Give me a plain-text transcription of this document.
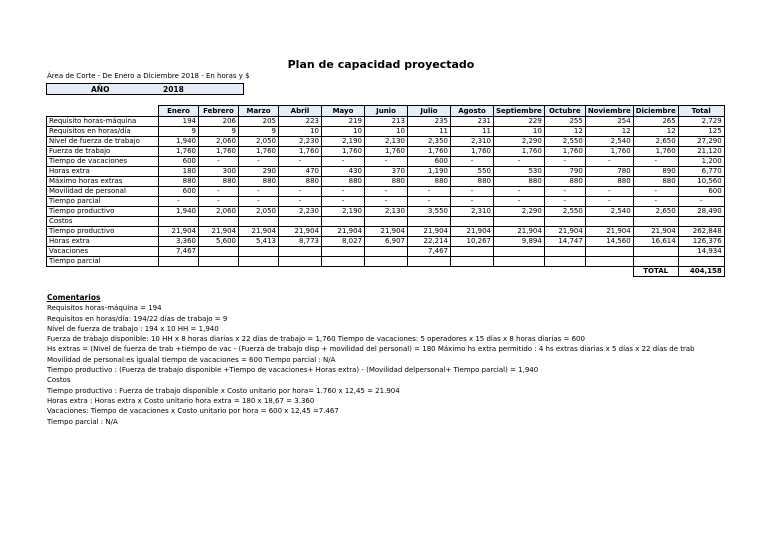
Plan de capacidad proyectado
Área de Corte - De Enero a Diciembre 2018 - En horas y $
AÑO	2018
	Enero	Febrero	Marzo	Abril	Mayo	Junio	Julio	Agosto	Septiembre	Octubre	Noviembre	Diciembre	Total
Requisito horas-máquina	194	206	205	223	219	213	235	231	229	255	254	265	2,729
Requisitos en horas/día	9	9	9	10	10	10	11	11	10	12	12	12	125
Nivel de fuerza de trabajo	1,940	2,060	2,050	2,230	2,190	2,130	2,350	2,310	2,290	2,550	2,540	2,650	27,290
Fuerza de trabajo	1,760	1,760	1,760	1,760	1,760	1,760	1,760	1,760	1,760	1,760	1,760	1,760	21,120
Tiempo de vacaciones	600	-	-	-	-	-	600	-	-	-	-	-	1,200
Horas extra	180	300	290	470	430	370	1,190	550	530	790	780	890	6,770
Máximo horas extras	880	880	880	880	880	880	880	880	880	880	880	880	10,560
Movilidad de personal	600	-	-	-	-	-	-	-	-	-	-	-	600
Tiempo parcial	-	-	-	-	-	-	-	-	-	-	-	-	-
Tiempo productivo	1,940	2,060	2,050	2,230	2,190	2,130	3,550	2,310	2,290	2,550	2,540	2,650	28,490
Costos													
Tiempo productivo	21,904	21,904	21,904	21,904	21,904	21,904	21,904	21,904	21,904	21,904	21,904	21,904	262,848
Horas extra	3,360	5,600	5,413	8,773	8,027	6,907	22,214	10,267	9,894	14,747	14,560	16,614	126,376
Vacaciones	7,467						7,467						14,934
Tiempo parcial													
												TOTAL	404,158
Comentarios
Requisitos horas-máquina = 194
Requisitos en horas/día: 194/22 días de trabajo = 9
Nivel de fuerza de trabajo : 194 x 10 HH = 1,940
Fuerza de trabajo disponible: 10 HH x 8 horas diarias x 22 días de trabajo = 1,760 Tiempo de vacaciones: 5 operadores x 15 días x 8 horas diarias = 600
Hs extras = (Nivel de fuerza de trab +tiempo de vac - (Fuerza de trabajo disp + movilidad del personal) = 180 Máximo hs extra permitido : 4 hs extras diarias x 5 días x 22 días de trab
Movilidad de personal:es igualal tiempo de vacaciones = 600 Tiempo parcial : N/A
Tiempo productivo : (Fuerza de trabajo disponible +Tiempo de vacaciones+ Horas extra) - (Movilidad delpersonal+ Tiempo parcial) = 1,940
Costos
Tiempo productivo : Fuerza de trabajo disponible x Costo unitario por hora= 1.760 x 12,45 = 21.904
Horas extra : Horas extra x Costo unitario hora extra = 180 x 18,67 = 3.360
Vacaciones: Tiempo de vacaciones x Costo unitario por hora = 600 x 12,45 =7.467
Tiempo parcial : N/A
